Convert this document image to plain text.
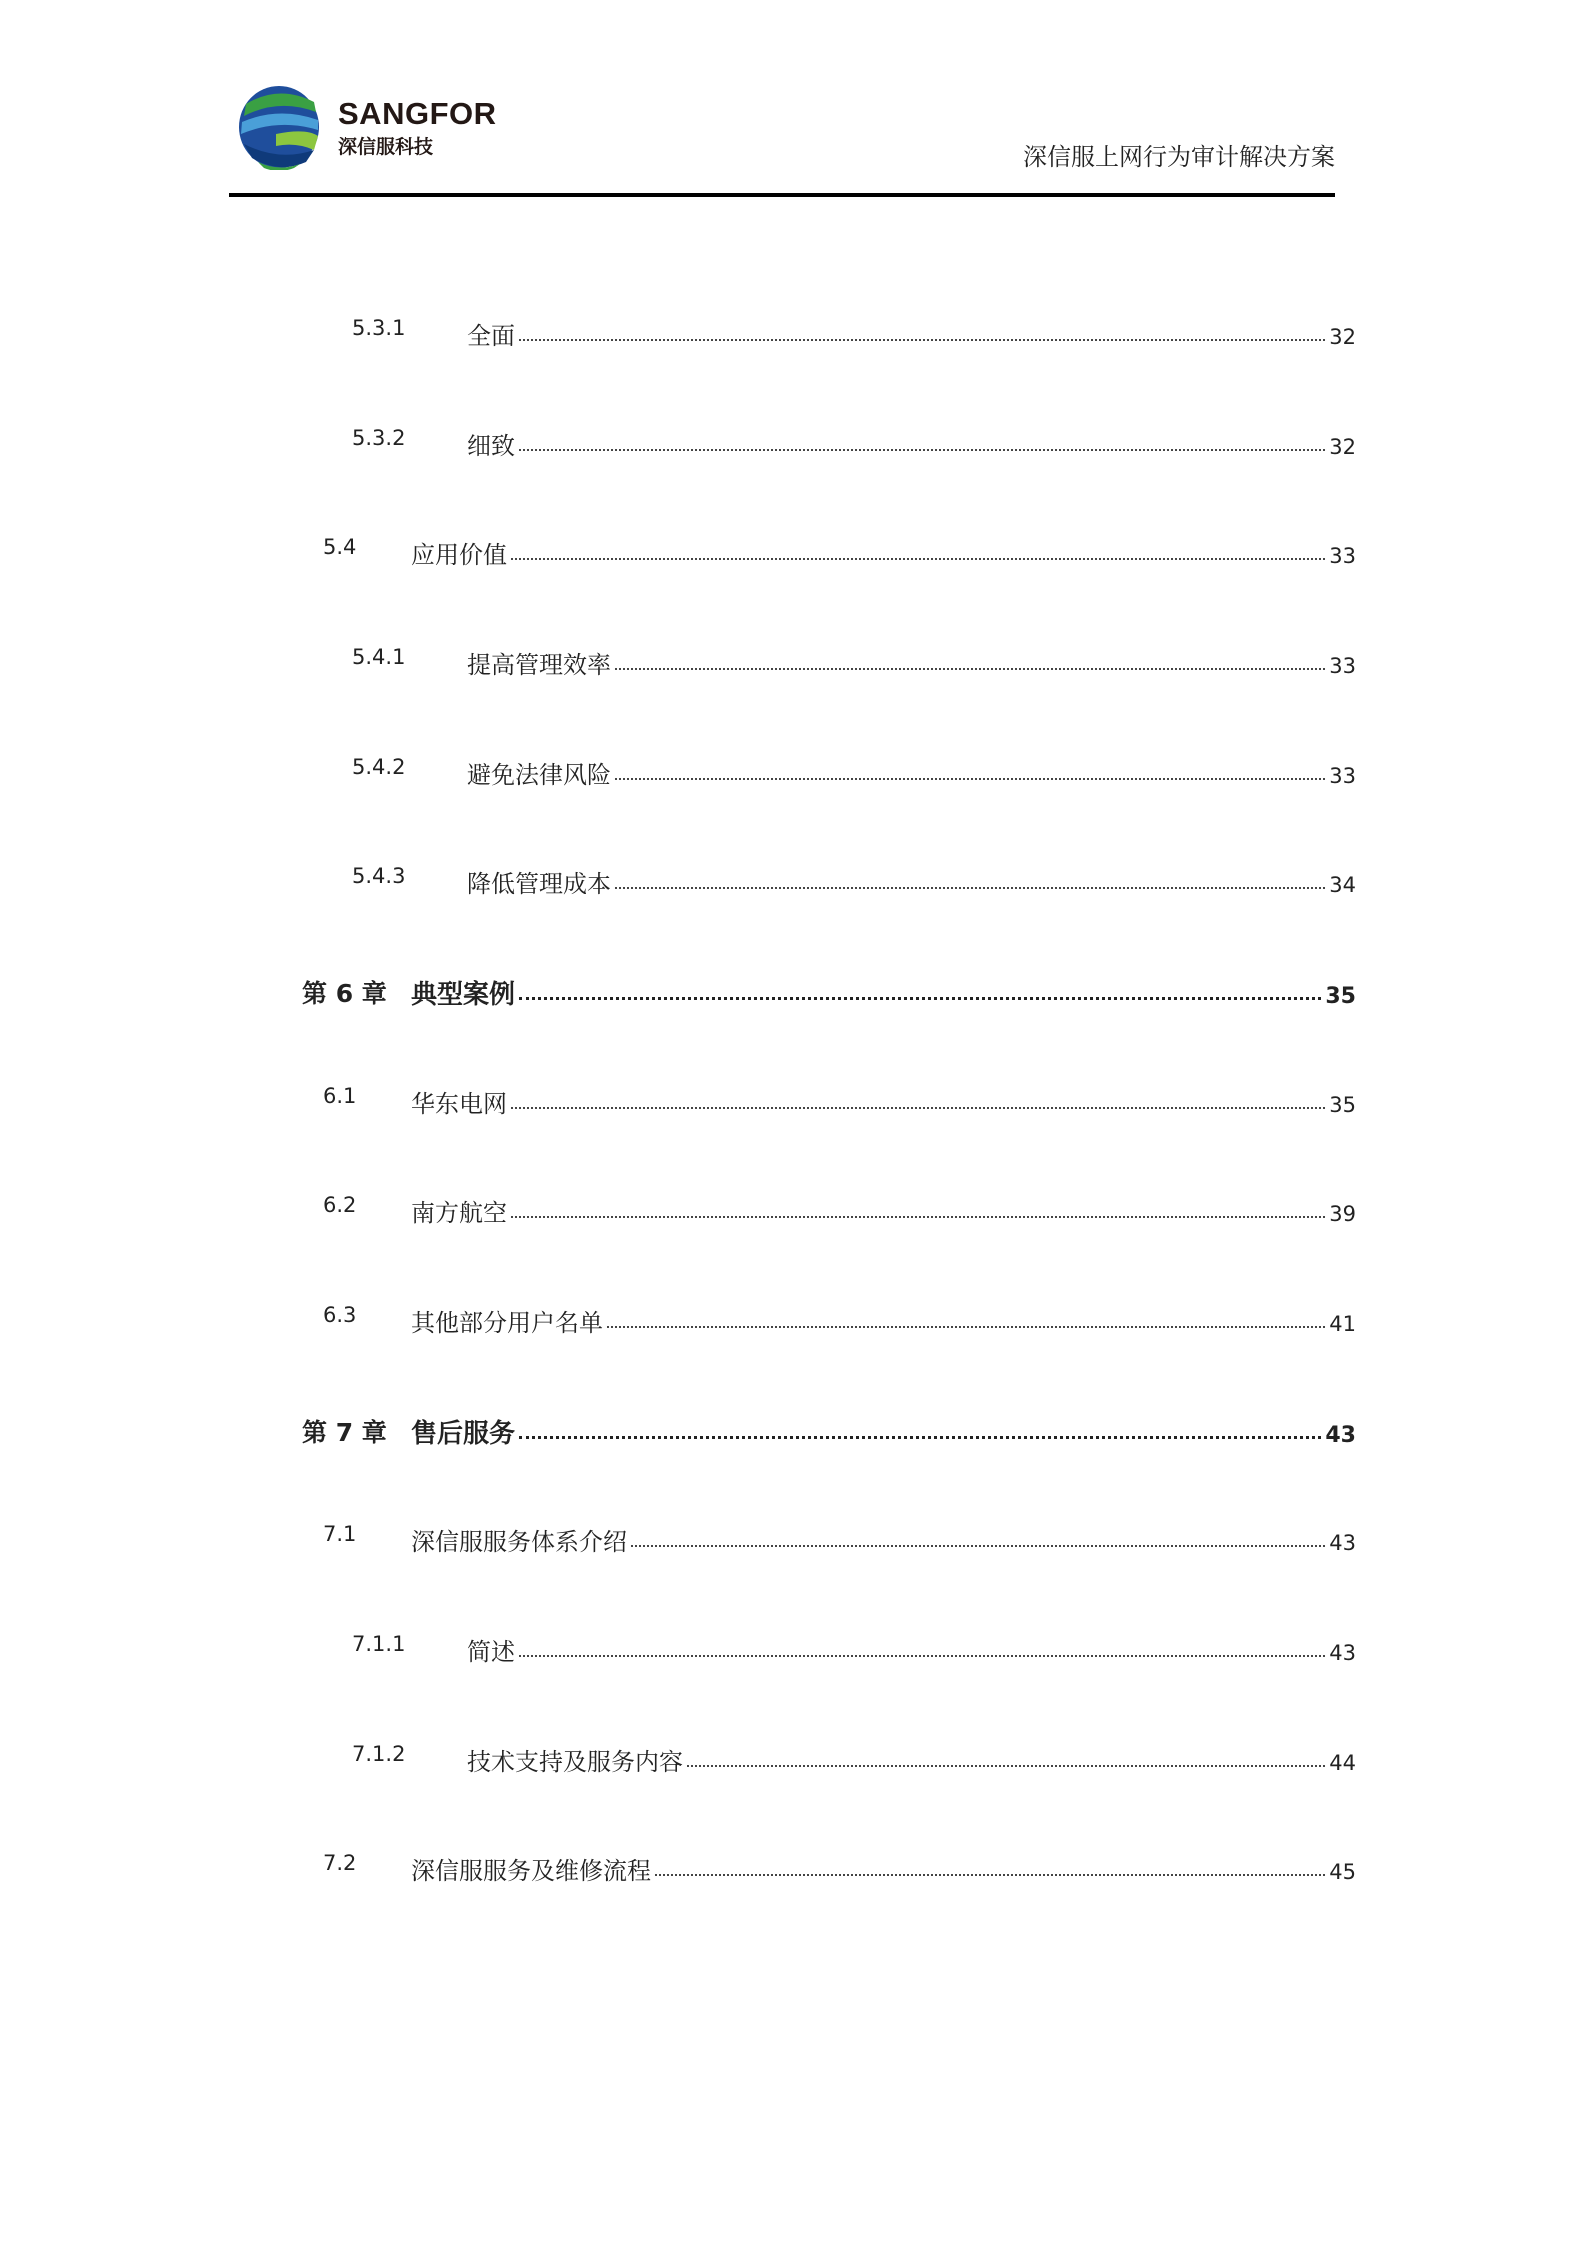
SANGFOR
深信服科技	深信服上网行为审计解决方案
5.3.1	全面	32
5.3.2	细致	32
5.4 应用价值	33
5.4.1	提高管理效率	33
5.4.2	避免法律风险	33
5.4.3	降低管理成本	34
第 6 章 典型案例	35
6.1 华东电网	35
6.2 南方航空	39
6.3 其他部分用户名单	41
第 7 章 售后服务	43
7.1 深信服服务体系介绍	43
7.1.1	简述	43
7.1.2	技术支持及服务内容	44
7.2 深信服服务及维修流程	45
